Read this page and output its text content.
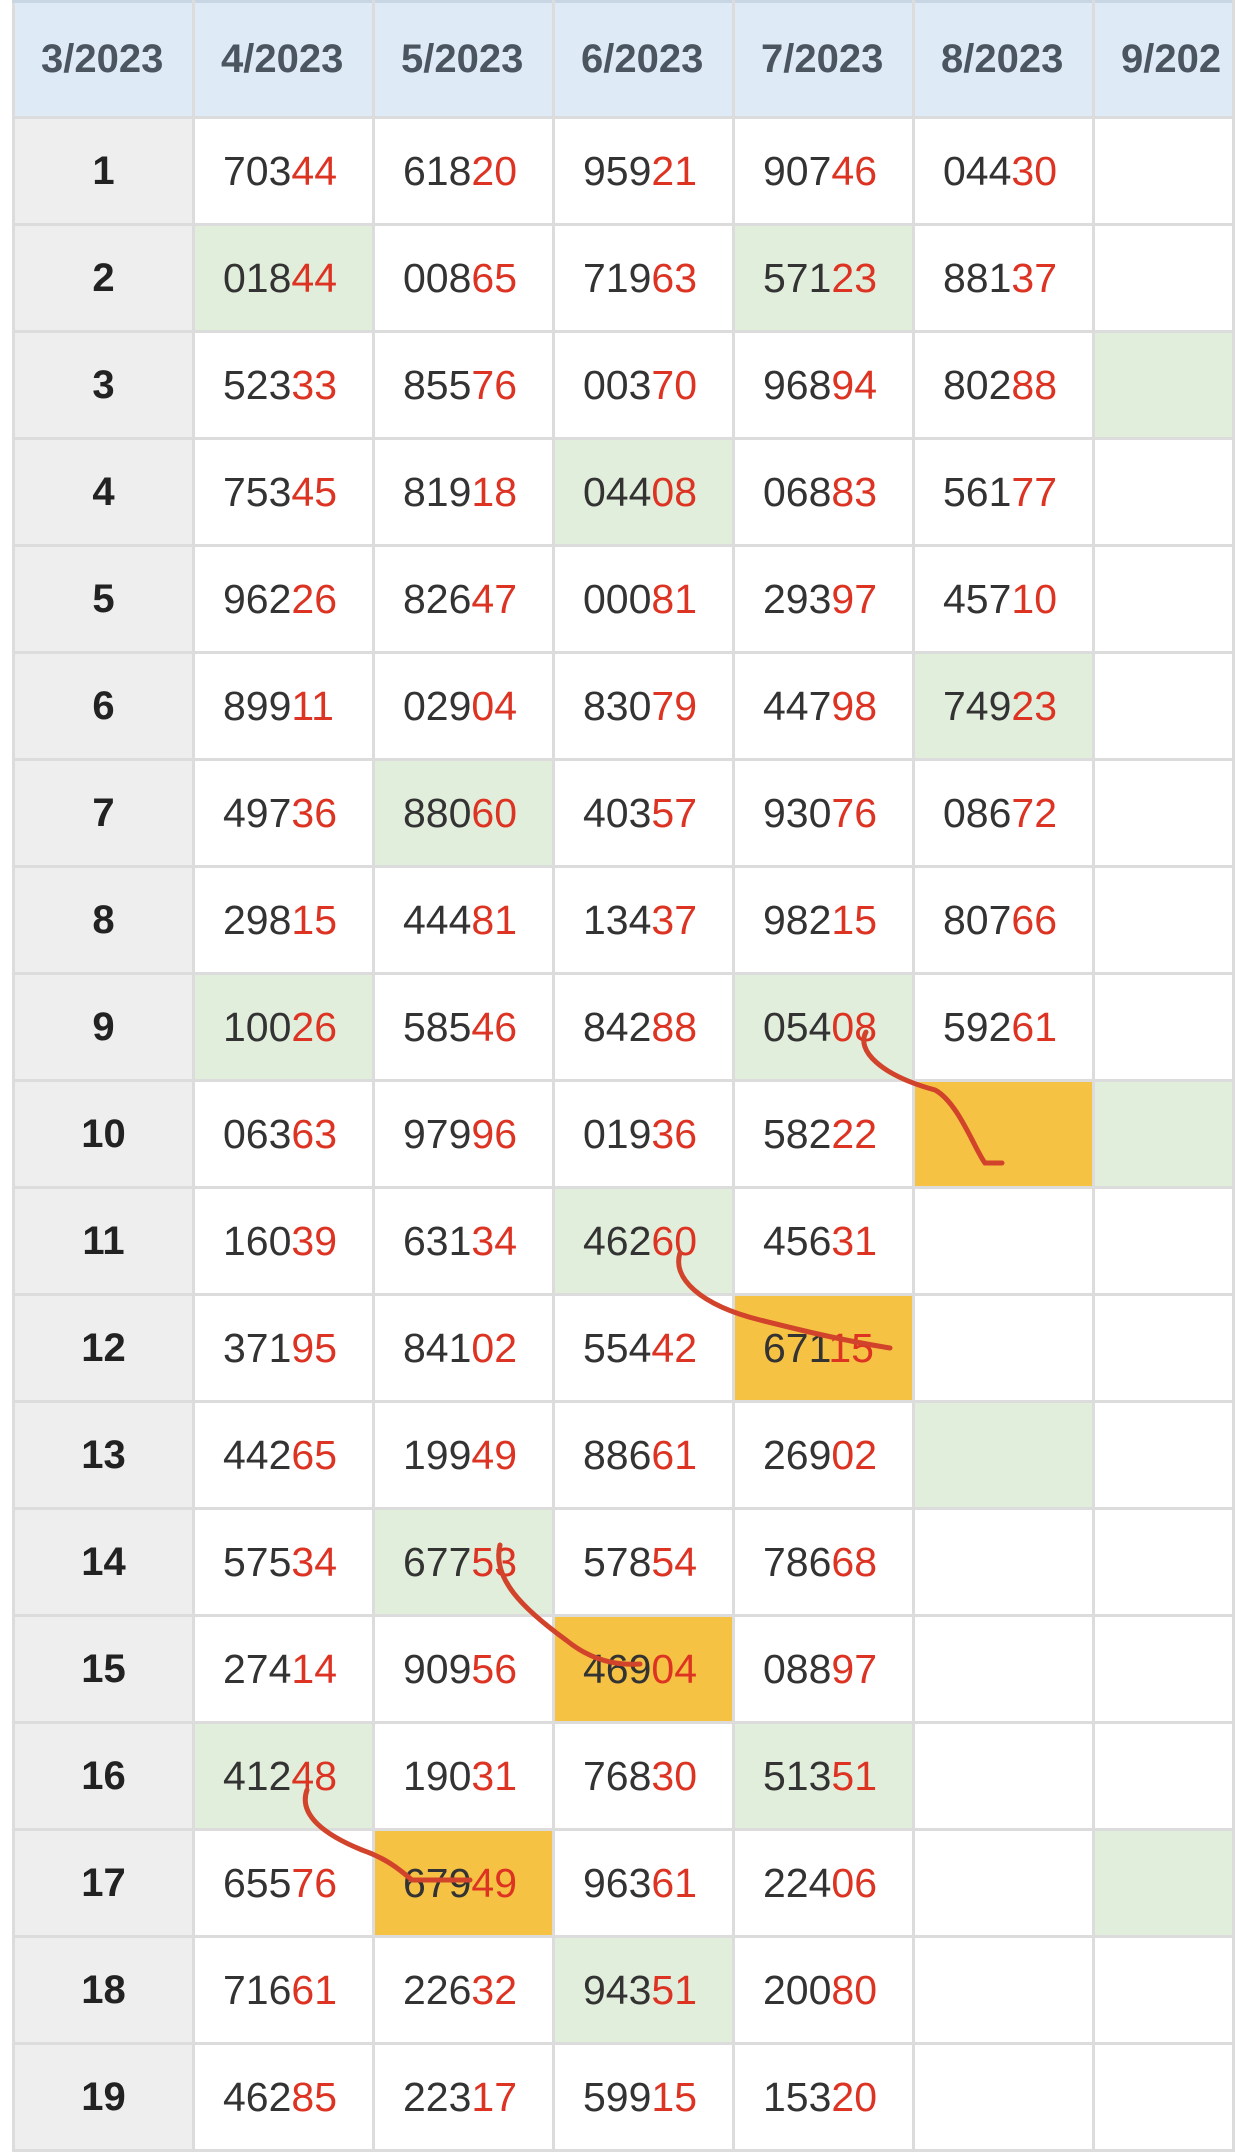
3/2023	4/2023	5/2023	6/2023	7/2023	8/2023	9/202
1	70344	61820	95921	90746	04430	
2	01844	00865	71963	57123	88137	
3	52333	85576	00370	96894	80288	
4	75345	81918	04408	06883	56177	
5	96226	82647	00081	29397	45710	
6	89911	02904	83079	44798	74923	
7	49736	88060	40357	93076	08672	
8	29815	44481	13437	98215	80766	
9	10026	58546	84288	05408	59261	
10	06363	97996	01936	58222		
11	16039	63134	46260	45631		
12	37195	84102	55442	67115		
13	44265	19949	88661	26902		
14	57534	67753	57854	78668		
15	27414	90956	46904	08897		
16	41248	19031	76830	51351		
17	65576	67949	96361	22406		
18	71661	22632	94351	20080		
19	46285	22317	59915	15320		
